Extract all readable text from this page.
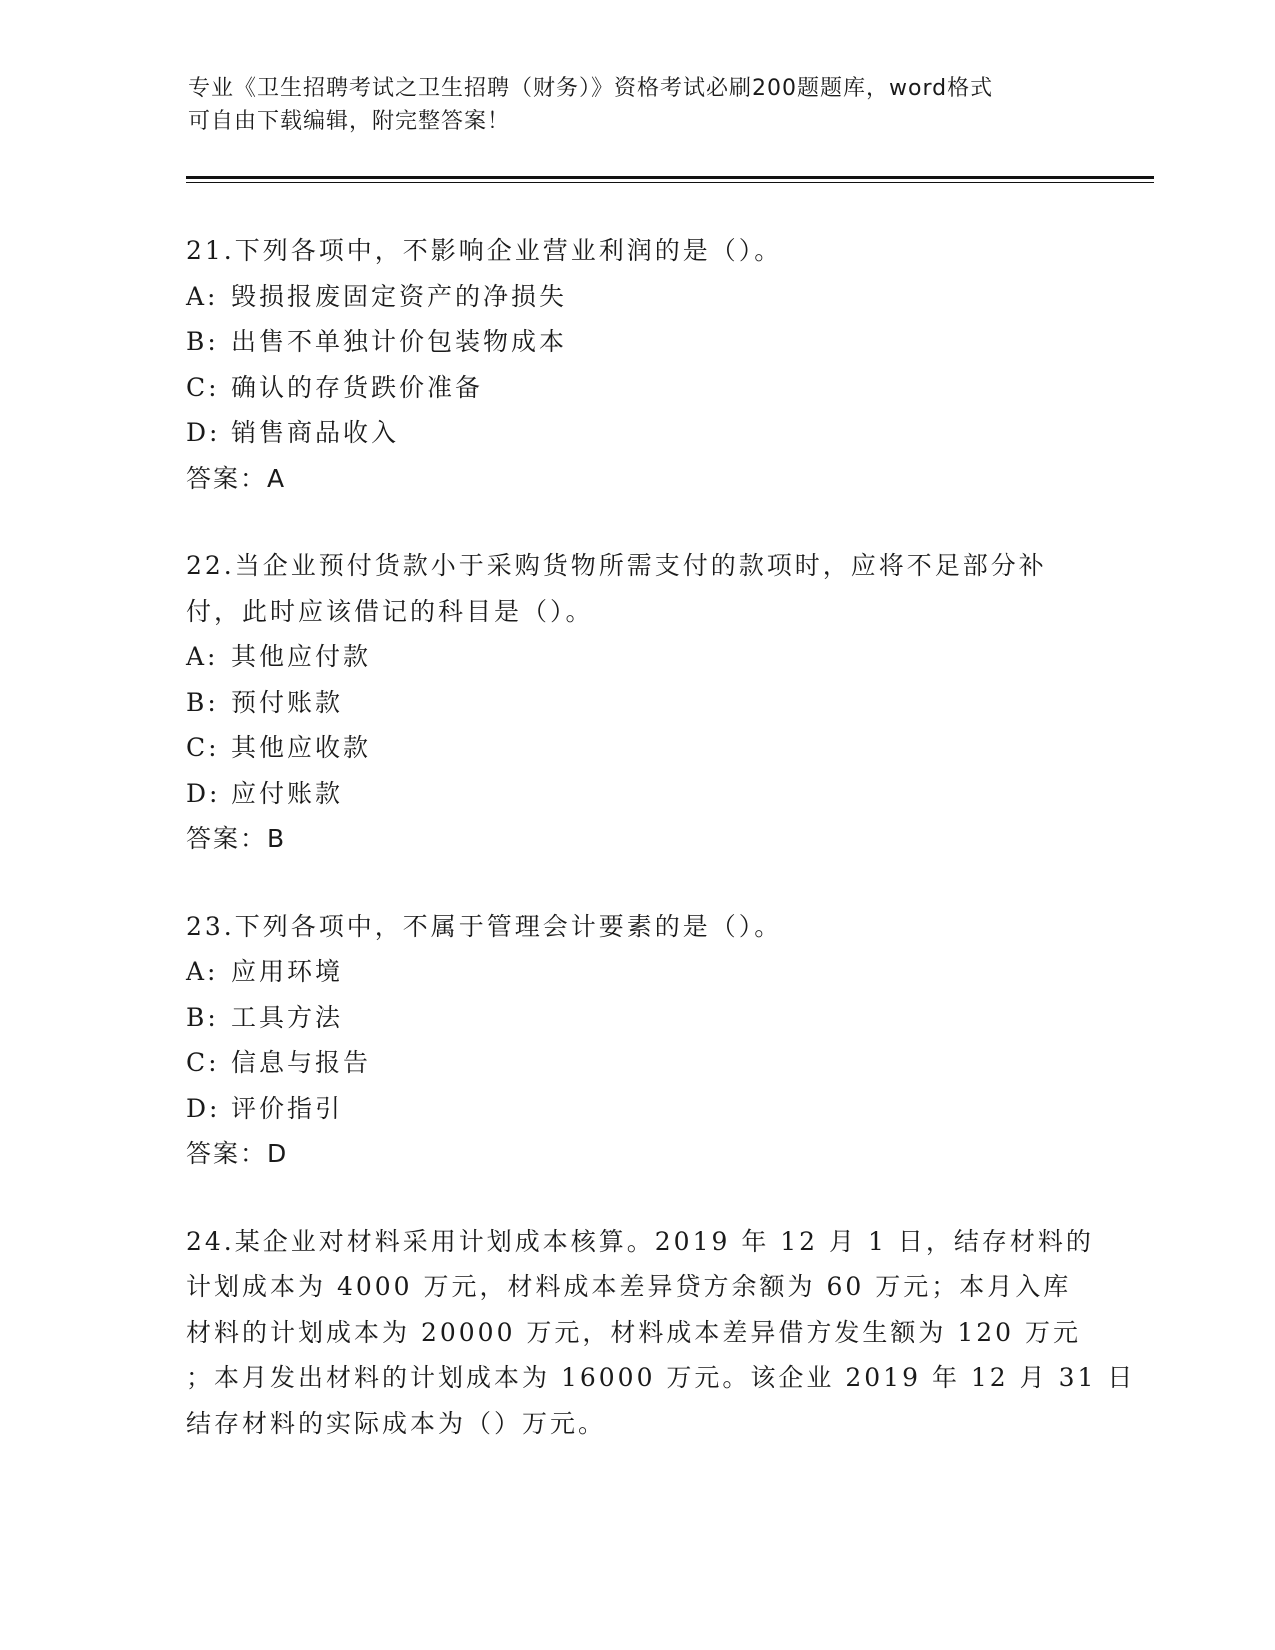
专业《卫生招聘考试之卫生招聘（财务）》资格考试必刷200题题库，word格式
可自由下载编辑，附完整答案！
21.下列各项中，不影响企业营业利润的是（）。
A: 毁损报废固定资产的净损失
B: 出售不单独计价包装物成本
C: 确认的存货跌价准备
D: 销售商品收入
答案：A
22.当企业预付货款小于采购货物所需支付的款项时，应将不足部分补
付，此时应该借记的科目是（）。
A: 其他应付款
B: 预付账款
C: 其他应收款
D: 应付账款
答案：B
23.下列各项中，不属于管理会计要素的是（）。
A: 应用环境
B: 工具方法
C: 信息与报告
D: 评价指引
答案：D
24.某企业对材料采用计划成本核算。2019 年 12 月 1 日，结存材料的
计划成本为 4000 万元，材料成本差异贷方余额为 60 万元；本月入库
材料的计划成本为 20000 万元，材料成本差异借方发生额为 120 万元
；本月发出材料的计划成本为 16000 万元。该企业 2019 年 12 月 31 日
结存材料的实际成本为（）万元。
